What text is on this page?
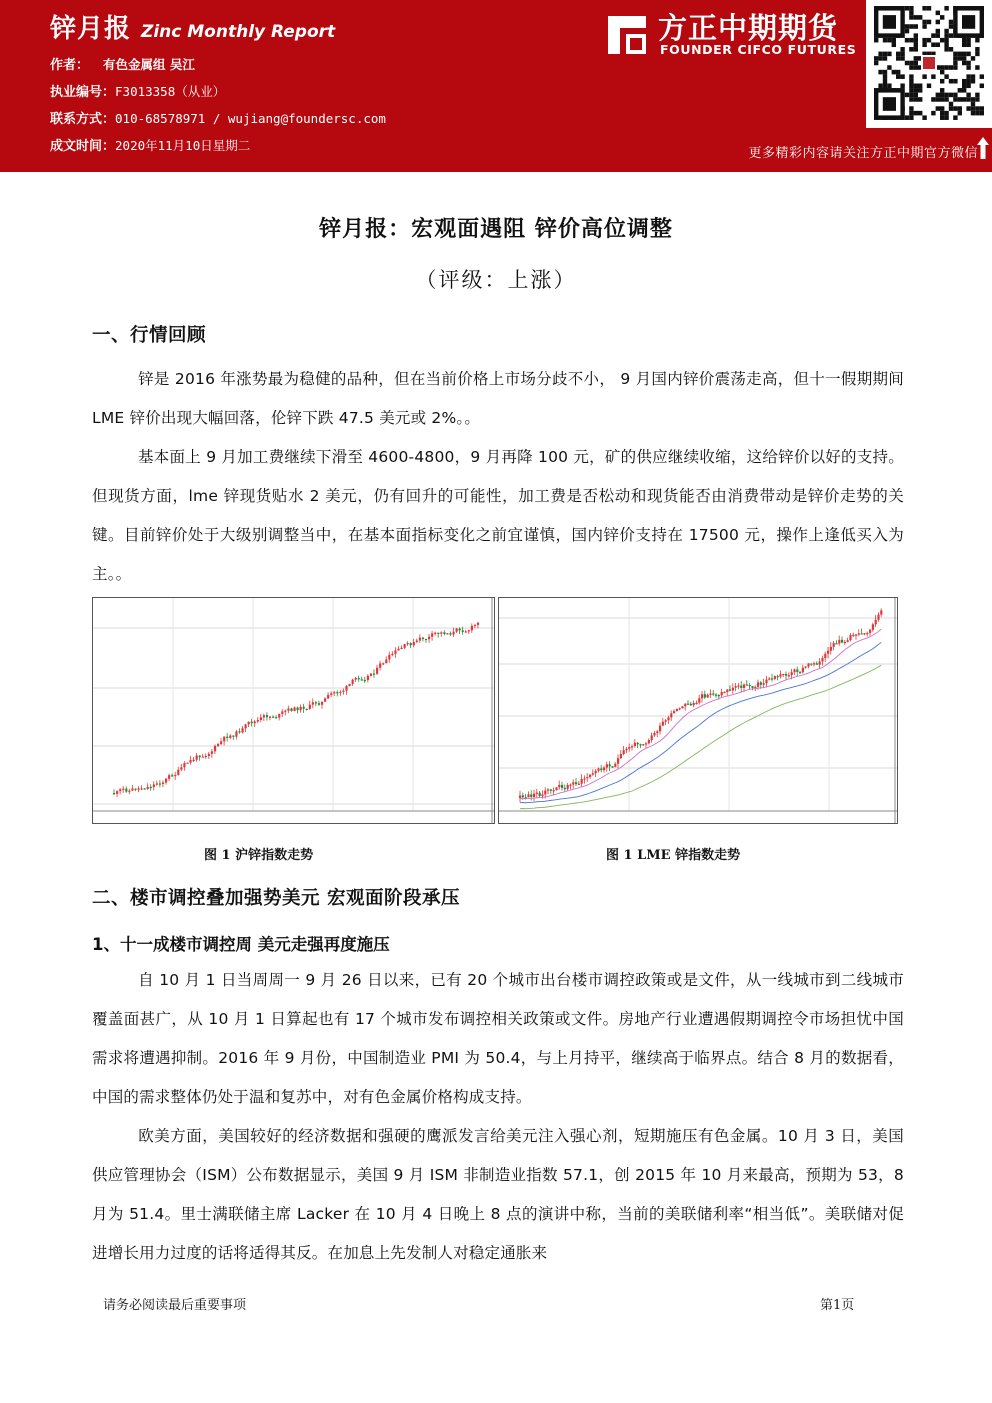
锌月报 Zinc Monthly Report
作者： 有色金属组 吴江
执业编号：F3013358（从业）
联系方式：010-68578971 / wujiang@foundersc.com
成文时间：2020年11月10日星期二
方正中期期货
FOUNDER CIFCO FUTURES
更多精彩内容请关注方正中期官方微信
锌月报：宏观面遇阻 锌价高位调整
（评级：上涨）
一、行情回顾
锌是 2016 年涨势最为稳健的品种，但在当前价格上市场分歧不小， 9 月国内锌价震荡走高，但十一假期期间 LME 锌价出现大幅回落，伦锌下跌 47.5 美元或 2%。。
基本面上 9 月加工费继续下滑至 4600-4800，9 月再降 100 元，矿的供应继续收缩，这给锌价以好的支持。但现货方面，lme 锌现货贴水 2 美元，仍有回升的可能性，加工费是否松动和现货能否由消费带动是锌价走势的关键。目前锌价处于大级别调整当中，在基本面指标变化之前宜谨慎，国内锌价支持在 17500 元，操作上逢低买入为主。。
图 1 沪锌指数走势	图 1 LME 锌指数走势
二、楼市调控叠加强势美元 宏观面阶段承压
1、十一成楼市调控周 美元走强再度施压
自 10 月 1 日当周周一 9 月 26 日以来，已有 20 个城市出台楼市调控政策或是文件，从一线城市到二线城市覆盖面甚广，从 10 月 1 日算起也有 17 个城市发布调控相关政策或文件。房地产行业遭遇假期调控令市场担忧中国需求将遭遇抑制。2016 年 9 月份，中国制造业 PMI 为 50.4，与上月持平，继续高于临界点。结合 8 月的数据看，中国的需求整体仍处于温和复苏中，对有色金属价格构成支持。
欧美方面，美国较好的经济数据和强硬的鹰派发言给美元注入强心剂，短期施压有色金属。10 月 3 日，美国供应管理协会（ISM）公布数据显示，美国 9 月 ISM 非制造业指数 57.1，创 2015 年 10 月来最高，预期为 53，8 月为 51.4。里士满联储主席 Lacker 在 10 月 4 日晚上 8 点的演讲中称，当前的美联储利率“相当低”。美联储对促进增长用力过度的话将适得其反。在加息上先发制人对稳定通胀来
请务必阅读最后重要事项	第1页
